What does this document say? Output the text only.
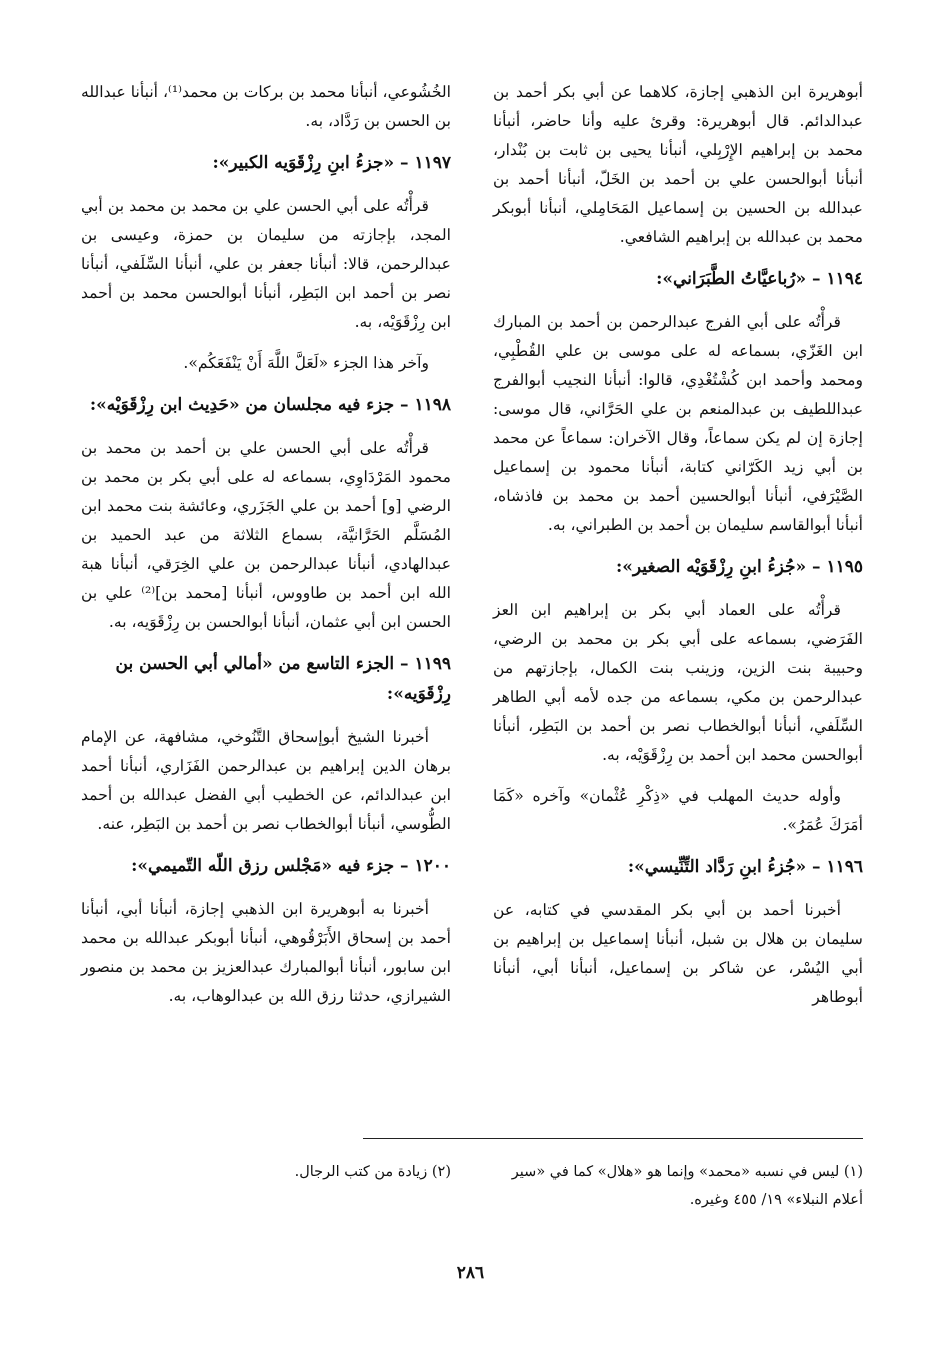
أبوهريرة ابن الذهبي إجازة، كلاهما عن أبي بكر أحمد بن عبدالدائم. قال أبوهريرة: وقرئ عليه وأنا حاضر، أنبأنا محمد بن إبراهيم الإِرْبِلي، أنبأنا يحيى بن ثابت بن بُنْدار، أنبأنا أبوالحسن علي بن أحمد بن الخَلّ، أنبأنا أحمد بن عبدالله بن الحسين بن إسماعيل المَحَامِلي، أنبأنا أبوبكر محمد بن عبدالله بن إبراهيم الشافعي.

١١٩٤ – «رُباعيَّاتُ الطَّبَرَاني»:

قرأْتُه على أبي الفرج عبدالرحمن بن أحمد بن المبارك ابن الغَزّي، بسماعه له على موسى بن علي القُطْبِي، ومحمد وأحمد ابن كُشْتُغْدِي، قالوا: أنبأنا النجيب أبوالفرج عبداللطيف بن عبدالمنعم بن علي الحَرَّاني، قال موسى: إجازة إن لم يكن سماعاً، وقال الآخران: سماعاً عن محمد بن أبي زيد الكَرّاني كتابة، أنبأنا محمود بن إسماعيل الصَّيْرَفي، أنبأنا أبوالحسين أحمد بن محمد بن فاذشاه، أنبأنا أبوالقاسم سليمان بن أحمد بن الطبراني، به.

١١٩٥ – «جُزءُ ابنِ رِزْقَوَيْه الصغير»:

قرأْتُه على العماد أبي بكر بن إبراهيم ابن العز الفَرَضي، بسماعه على أبي بكر بن محمد بن الرضي، وحبيبة بنت الزين، وزينب بنت الكمال، بإجازتهم من عبدالرحمن بن مكي، بسماعه من جده لأمه أبي الطاهر السِّلَفي، أنبأنا أبوالخطاب نصر بن أحمد بن البَطِر، أنبأنا أبوالحسن محمد ابن أحمد بن رِزْقَوَيْه، به.

وأوله حديث المهلب في «ذِكْرِ عُثْمان» وآخره «كَمَا أمَرَكَ عُمَرُ».

١١٩٦ – «جُزءُ ابنِ رَدَّاد التِّنِّيسي»:

أخبرنا أحمد بن أبي بكر المقدسي في كتابه، عن سليمان بن هلال بن شبل، أنبأنا إسماعيل بن إبراهيم بن أبي اليُسْر، عن شاكر بن إسماعيل، أنبأنا أبي، أنبأنا أبوطاهر

الخُشُوعي، أنبأنا محمد بن بركات بن محمد⁽¹⁾، أنبأنا عبدالله بن الحسن بن رَدَّاد، به.

١١٩٧ – «جزءُ ابنِ رِزْقَوَيه الكبير»:

قرأْتُه على أبي الحسن علي بن محمد بن محمد بن أبي المجد، بإجازته من سليمان بن حمزة، وعيسى بن عبدالرحمن، قالا: أنبأنا جعفر بن علي، أنبأنا السِّلَفي، أنبأنا نصر بن أحمد ابن البَطِر، أنبأنا أبوالحسن محمد بن أحمد ابن رِزْقَوَيْه، به.

وآخر هذا الجزء «لَعَلَّ اللَّهَ أَنْ يَنْفَعَكُم».

١١٩٨ – جزء فيه مجلسان من «حَدِيث ابن رِزْقَوَيْه»:

قرأْتُه على أبي الحسن علي بن أحمد بن محمد بن محمود المَرْدَاوِي، بسماعه له على أبي بكر بن محمد بن الرضي [و] أحمد بن علي الجَزَري، وعائشة بنت محمد ابن المُسَلَّم الحَرَّانيَّة، بسماع الثلاثة من عبد الحميد بن عبدالهادي، أنبأنا عبدالرحمن بن علي الخِرَقي، أنبأنا هبة الله ابن أحمد بن طاووس، أنبأنا [محمد بن]⁽²⁾ علي بن الحسن ابن أبي عثمان، أنبأنا أبوالحسن بن رِزْقَوَيه، به.

١١٩٩ – الجزء التاسع من «أمالي أبي الحسن بن رِزْقَوَيه»:

أخبرنا الشيخ أبوإسحاق التَّنُوخي، مشافهة، عن الإمام برهان الدين إبراهيم بن عبدالرحمن الفَزَاري، أنبأنا أحمد ابن عبدالدائم، عن الخطيب أبي الفضل عبدالله بن أحمد الطُّوسي، أنبأنا أبوالخطاب نصر بن أحمد بن البَطِر، عنه.

١٢٠٠ – جزء فيه «مَجْلس رزق اللّه التّميمي»:

أخبرنا به أبوهريرة ابن الذهبي إجازة، أنبأنا أبي، أنبأنا أحمد بن إسحاق الأَبَرْقُوهي، أنبأنا أبوبكر عبدالله بن محمد ابن سابور، أنبأنا أبوالمبارك عبدالعزيز بن محمد بن منصور الشيرازي، حدثنا رزق الله بن عبدالوهاب، به.

(١) ليس في نسبه «محمد» وإنما هو «هلال» كما في «سير أعلام النبلاء» ١٩/ ٤٥٥ وغيره.
(٢) زيادة من كتب الرجال.
٢٨٦
